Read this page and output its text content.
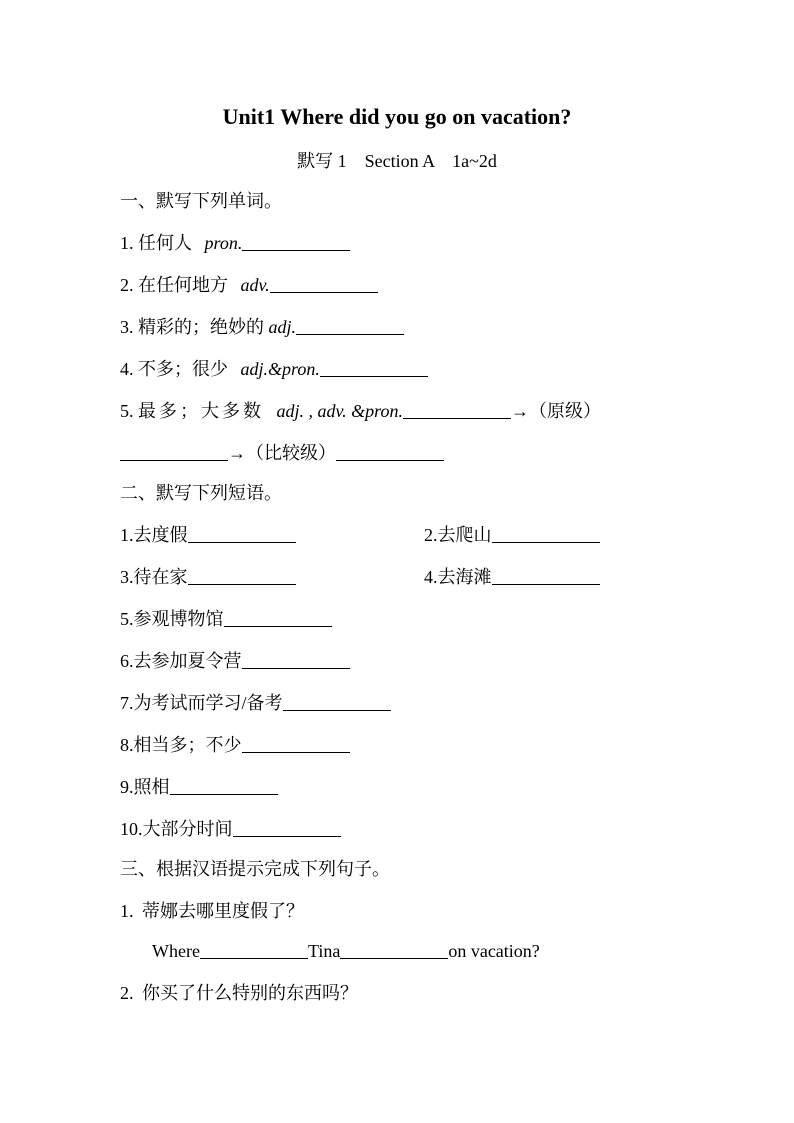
Unit1 Where did you go on vacation?
默写 1    Section A    1a~2d
一、默写下列单词。
1. 任何人 pron.
2. 在任何地方 adv.
3. 精彩的；绝妙的 adj.
4. 不多；很少 adj.&pron.
5. 最多；大多数 adj. , adv. &pron.	→（原级）
→（比较级）
二、默写下列短语。
1.去度假	2.去爬山
3.待在家	4.去海滩
5.参观博物馆
6.去参加夏令营
7.为考试而学习/备考
8.相当多；不少
9.照相
10.大部分时间
三、根据汉语提示完成下列句子。
1. 蒂娜去哪里度假了？
Where	Tina	on vacation?
2. 你买了什么特别的东西吗？
